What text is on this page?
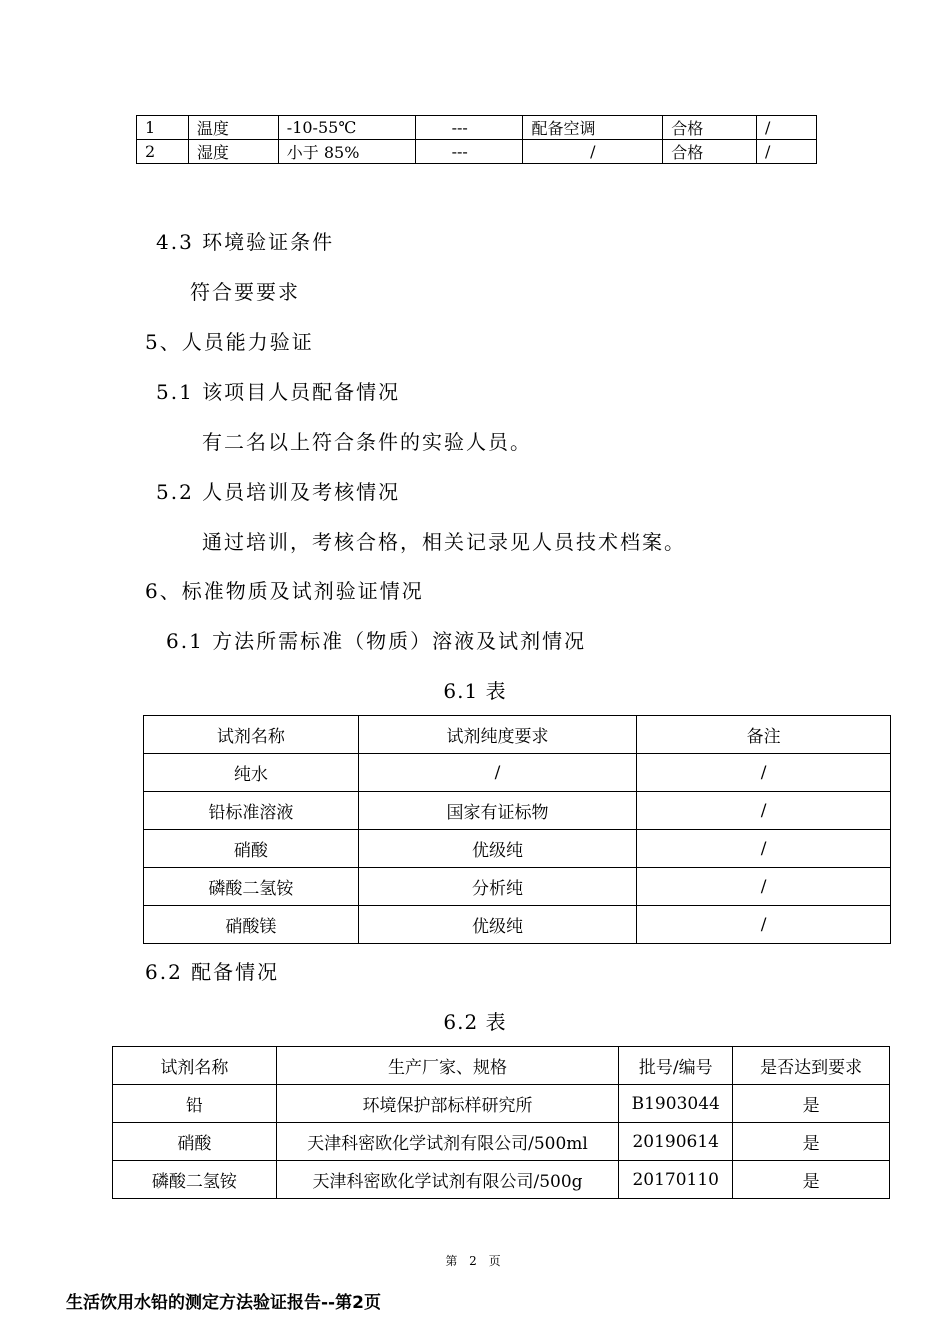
1	温度	-10-55℃	---	配备空调	合格	/
2	湿度	小于 85%	---	/	合格	/
4.3 环境验证条件
符合要要求
5、人员能力验证
5.1 该项目人员配备情况
有二名以上符合条件的实验人员。
5.2 人员培训及考核情况
通过培训，考核合格，相关记录见人员技术档案。
6、标准物质及试剂验证情况
6.1 方法所需标准（物质）溶液及试剂情况
6.1 表
试剂名称	试剂纯度要求	备注
纯水	/	/
铅标准溶液	国家有证标物	/
硝酸	优级纯	/
磷酸二氢铵	分析纯	/
硝酸镁	优级纯	/
6.2 配备情况
6.2 表
试剂名称	生产厂家、规格	批号/编号	是否达到要求
铅	环境保护部标样研究所	B1903044	是
硝酸	天津科密欧化学试剂有限公司/500ml	20190614	是
磷酸二氢铵	天津科密欧化学试剂有限公司/500g	20170110	是
第 2 页
生活饮用水铅的测定方法验证报告--第2页
